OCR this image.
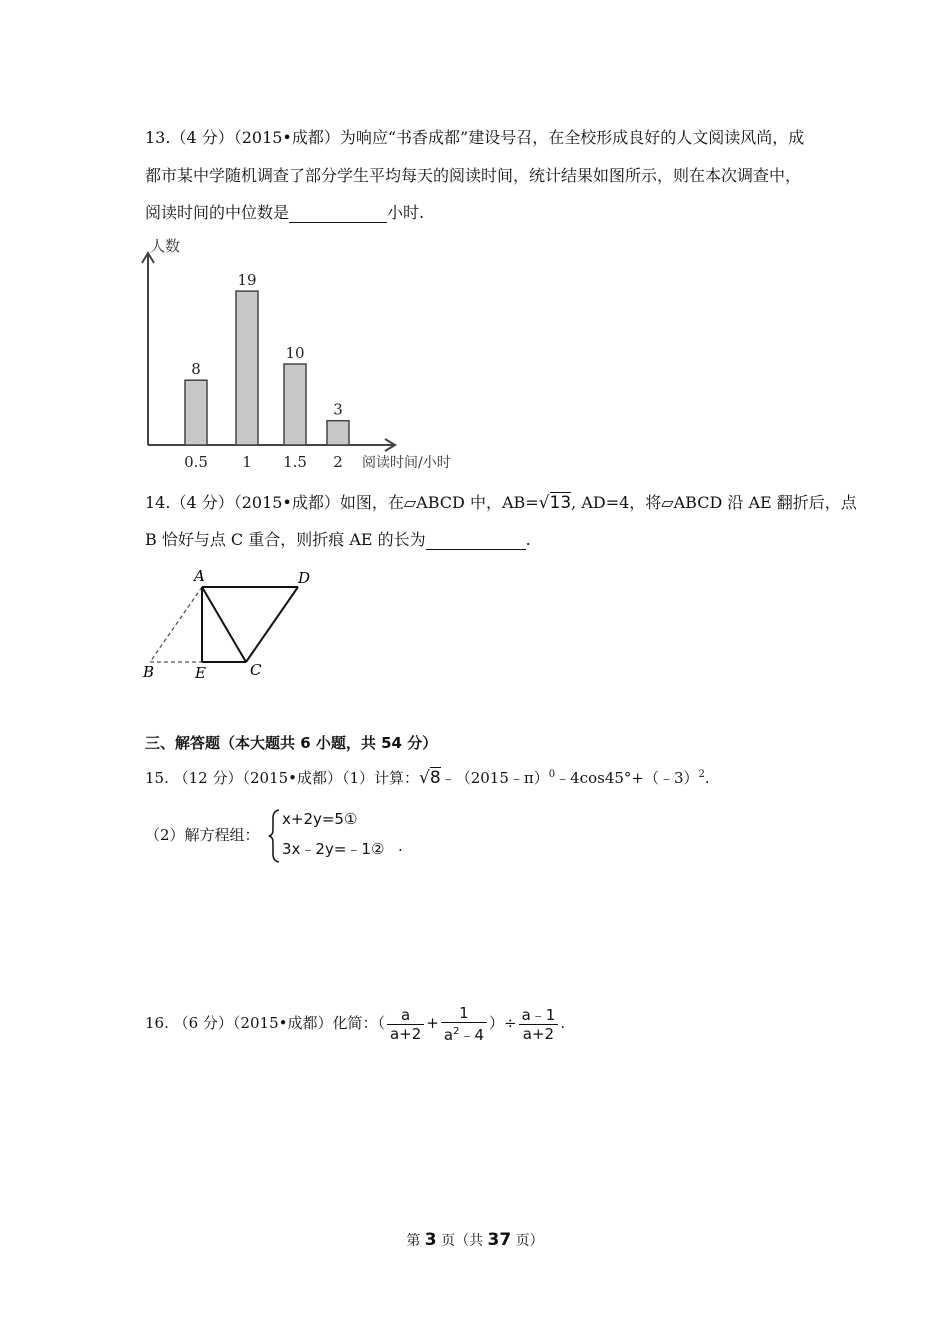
13.（4 分）（2015•成都）为响应“书香成都”建设号召，在全校形成良好的人文阅读风尚，成
都市某中学随机调查了部分学生平均每天的阅读时间，统计结果如图所示，则在本次调查中，
阅读时间的中位数是	小时.
人数
阅读时间/小时
8
0.5
19
1
10
1.5
3
2
14.（4 分）（2015•成都）如图，在▱ABCD 中，AB=√13, AD=4，将▱ABCD 沿 AE 翻折后，点
B 恰好与点 C 重合，则折痕 AE 的长为	.
A	D
B	E	C
三、解答题（本大题共 6 小题，共 54 分）
15. （12 分）（2015•成都）（1）计算：√8﹣（2015﹣π）$^0$﹣4cos45°+（﹣3）$^2$.
（2）解方程组：
x+2y=5①
3x﹣2y=﹣1② .
16. （6 分）（2015•成都）化简：（ $\frac{a}{a+2} + \frac{1}{a^2﹣4}$ ）÷ $\frac{a﹣1}{a+2}$ .
第 3 页（共 37 页）
